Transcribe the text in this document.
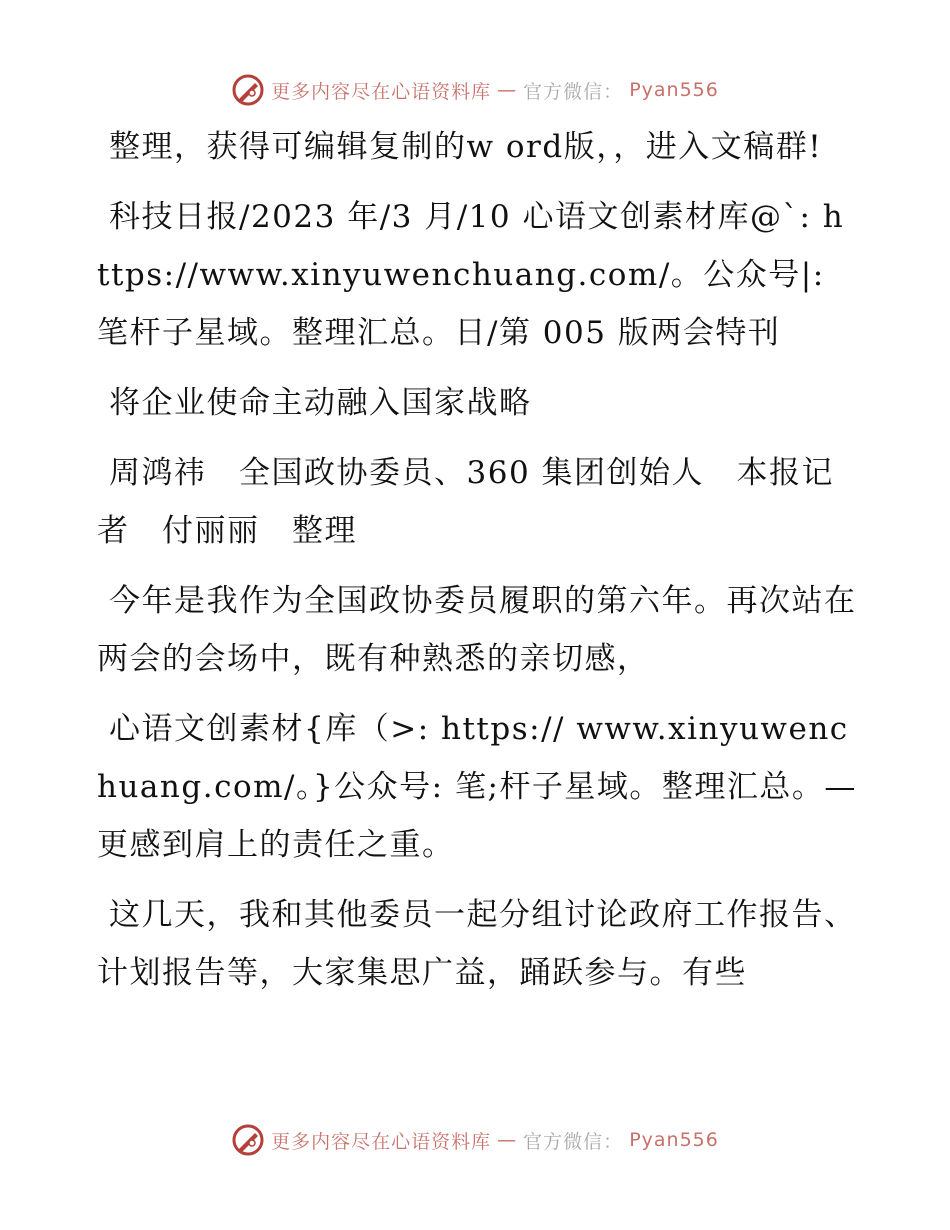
更多内容尽在心语资料库 — 官方微信： Pyan556

整理，获得可编辑复制的w ord版，，进入文稿群!

科技日报/2023 年/3 月/10 心语文创素材库@`: https://www.xinyuwenchuang.com/。公众号|: 笔杆子星域。整理汇总。日/第 005 版两会特刊

将企业使命主动融入国家战略

周鸿祎　全国政协委员、360 集团创始人　本报记者　付丽丽　整理

今年是我作为全国政协委员履职的第六年。再次站在两会的会场中，既有种熟悉的亲切感，

心语文创素材{库（>: https:// www.xinyuwenchuang.com/。}公众号: 笔;杆子星域。整理汇总。—更感到肩上的责任之重。

这几天，我和其他委员一起分组讨论政府工作报告、计划报告等，大家集思广益，踊跃参与。有些

更多内容尽在心语资料库 — 官方微信： Pyan556
